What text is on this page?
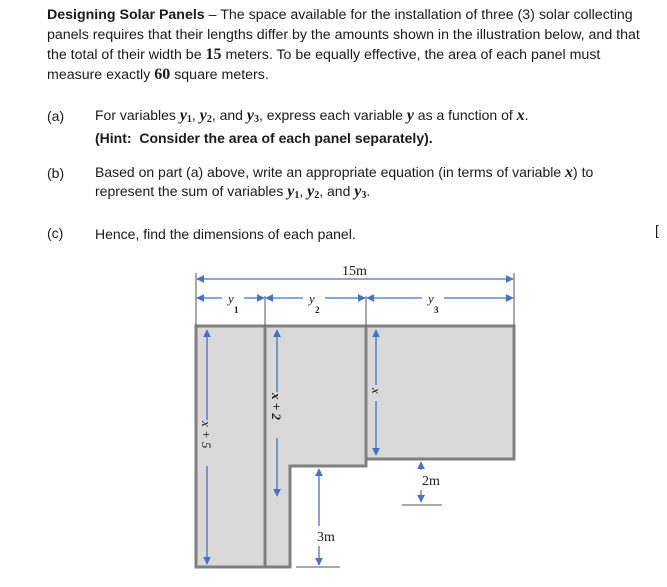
Designing Solar Panels – The space available for the installation of three (3) solar collecting panels requires that their lengths differ by the amounts shown in the illustration below, and that the total of their width be 15 meters. To be equally effective, the area of each panel must measure exactly 60 square meters.
(a) For variables $y_1$, $y_2$, and $y_3$, express each variable y as a function of x.
(Hint: Consider the area of each panel separately).
(b) Based on part (a) above, write an appropriate equation (in terms of variable x) to represent the sum of variables $y_1$, $y_2$, and $y_3$.
(c) Hence, find the dimensions of each panel.	[
15m
y
1
y
2
y
3
x + 5
x + 2
x
2m
3m
